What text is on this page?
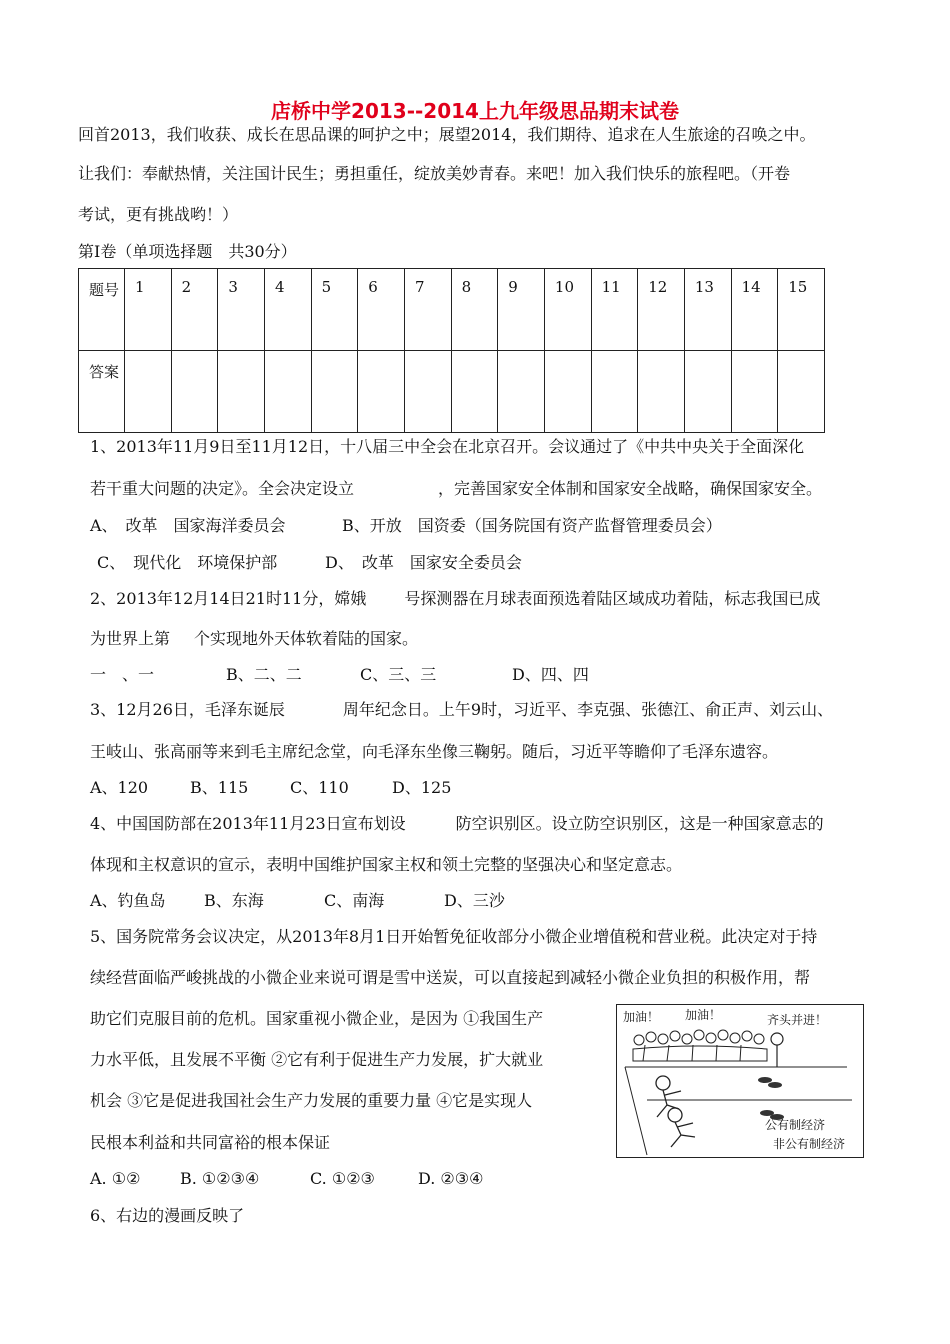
店桥中学2013--2014上九年级思品期末试卷
回首2013，我们收获、成长在思品课的呵护之中；展望2014，我们期待、追求在人生旅途的召唤之中。
让我们：奉献热情，关注国计民生；勇担重任，绽放美妙青春。来吧！加入我们快乐的旅程吧。（开卷
考试，更有挑战哟！）
第Ⅰ卷（单项选择题　共30分）
题号	1	2	3	4	5	6	7	8	9	10	11	12	13	14	15
答案															
1、2013年11月9日至11月12日，十八届三中全会在北京召开。会议通过了《中共中央关于全面深化
若干重大问题的决定》。全会决定设立	，完善国家安全体制和国家安全战略，确保国家安全。
A、　改革　国家海洋委员会	B、开放　国资委（国务院国有资产监督管理委员会）
C、　现代化　环境保护部	D、　改革　国家安全委员会
2、2013年12月14日21时11分，嫦娥 号探测器在月球表面预选着陆区域成功着陆，标志我国已成
为世界上第 个实现地外天体软着陆的国家。
一　、一	B、二、二	C、三、三	D、四、四
3、12月26日，毛泽东诞辰	周年纪念日。上午9时，习近平、李克强、张德江、俞正声、刘云山、
王岐山、张高丽等来到毛主席纪念堂，向毛泽东坐像三鞠躬。随后，习近平等瞻仰了毛泽东遗容。
A、120	B、115	C、110	D、125
4、中国国防部在2013年11月23日宣布划设	防空识别区。设立防空识别区，这是一种国家意志的
体现和主权意识的宣示，表明中国维护国家主权和领土完整的坚强决心和坚定意志。
A、钓鱼岛 B、东海	C、南海	D、三沙
5、国务院常务会议决定，从2013年8月1日开始暂免征收部分小微企业增值税和营业税。此决定对于持
续经营面临严峻挑战的小微企业来说可谓是雪中送炭，可以直接起到减轻小微企业负担的积极作用，帮
助它们克服目前的危机。国家重视小微企业，是因为 ①我国生产
力水平低，且发展不平衡 ②它有利于促进生产力发展，扩大就业
机会 ③它是促进我国社会生产力发展的重要力量 ④它是实现人
民根本利益和共同富裕的根本保证
A. ①② B. ①②③④	C. ①②③	D. ②③④
6、右边的漫画反映了
加油！ 加油！	齐头并进！
公有制经济
非公有制经济
